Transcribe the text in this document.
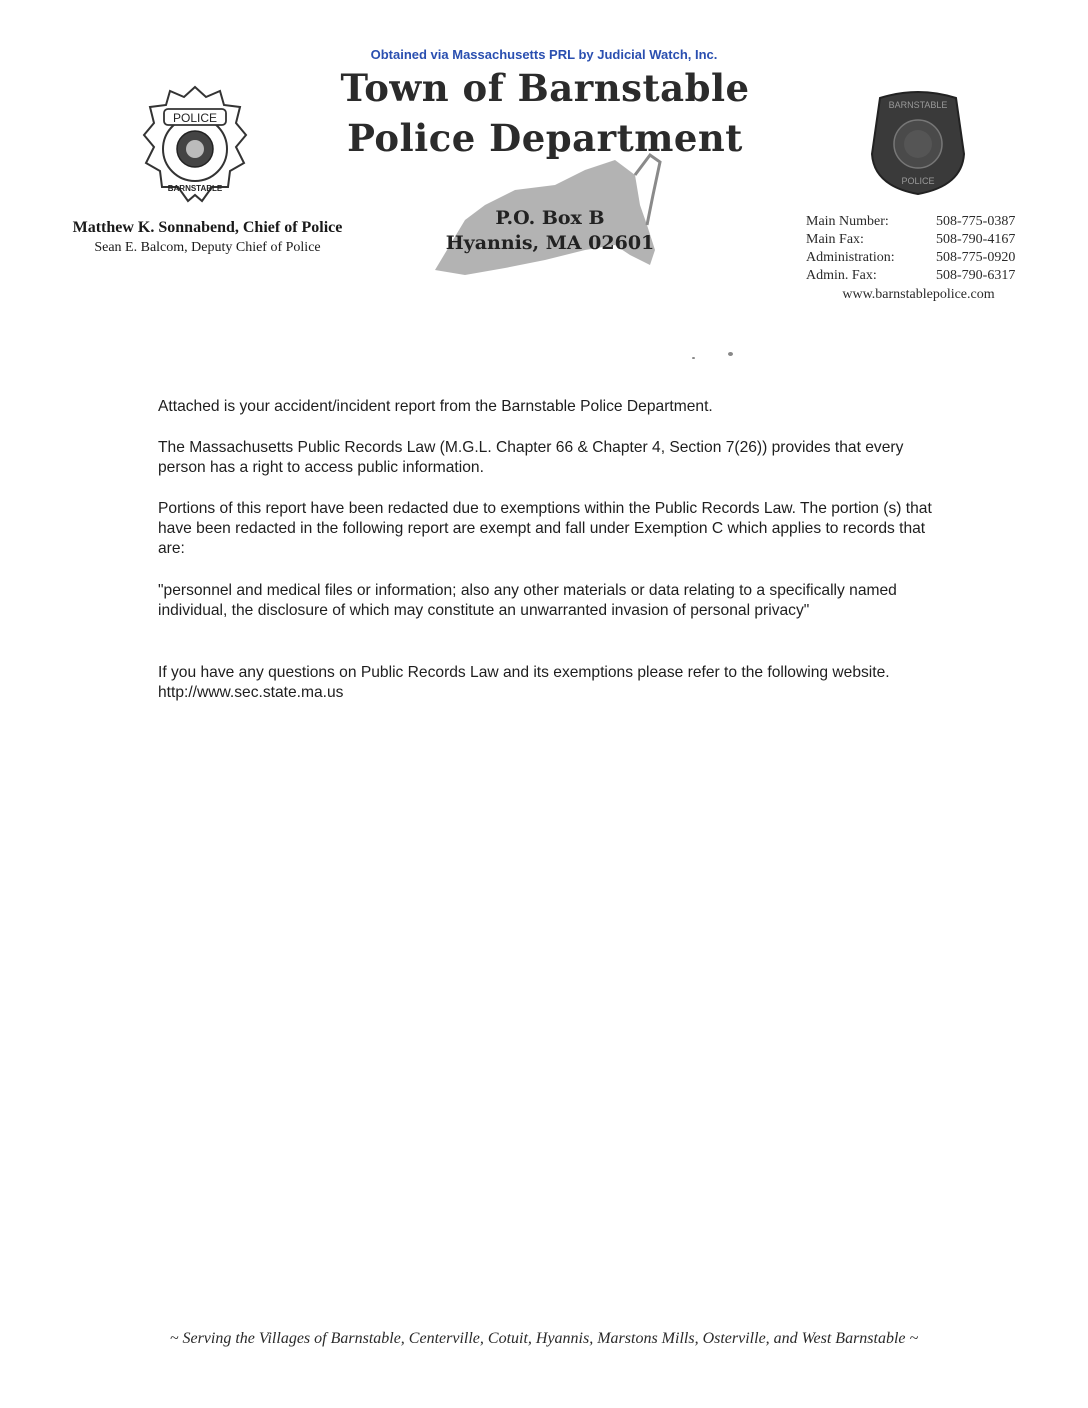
Obtained via Massachusetts PRL by Judicial Watch, Inc.
Town of Barnstable
Police Department
P.O. Box B
Hyannis, MA 02601
POLICE
BARNSTABLE
BARNSTABLE
POLICE
Matthew K. Sonnabend, Chief of Police
Sean E. Balcom, Deputy Chief of Police
Main Number:	508-775-0387
Main Fax:	508-790-4167
Administration:	508-775-0920
Admin. Fax:	508-790-6317
www.barnstablepolice.com
Attached is your accident/incident report from the Barnstable Police Department.
The Massachusetts Public Records Law (M.G.L. Chapter 66 & Chapter 4, Section 7(26)) provides that every person has a right to access public information.
Portions of this report have been redacted due to exemptions within the Public Records Law. The portion (s) that have been redacted in the following report are exempt and fall under Exemption C which applies to records that are:
"personnel and medical files or information; also any other materials or data relating to a specifically named individual, the disclosure of which may constitute an unwarranted invasion of personal privacy"
If you have any questions on Public Records Law and its exemptions please refer to the following website. http://www.sec.state.ma.us
~ Serving the Villages of Barnstable, Centerville, Cotuit, Hyannis, Marstons Mills, Osterville, and West Barnstable ~
